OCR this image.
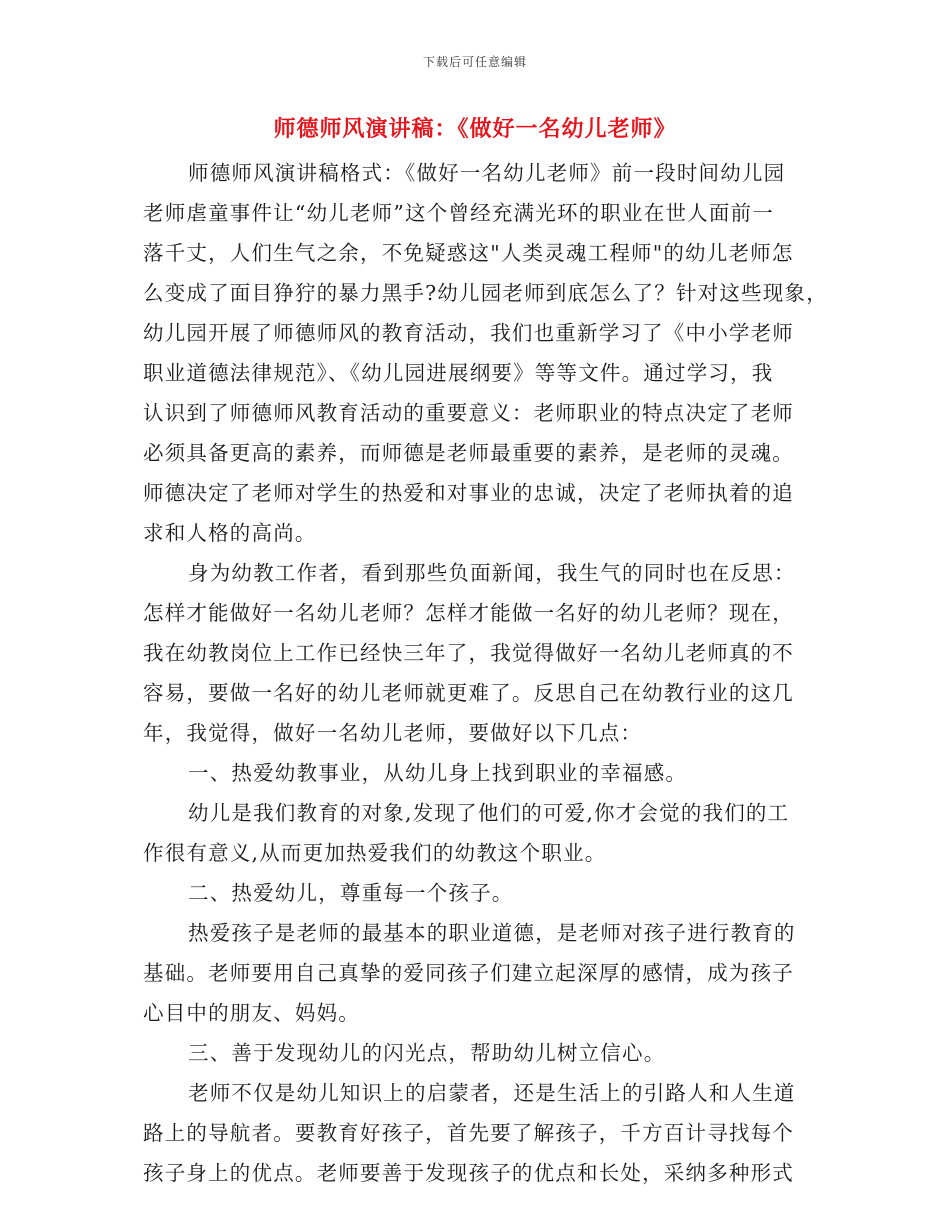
下载后可任意编辑
师德师风演讲稿：《做好一名幼儿老师》
师德师风演讲稿格式：《做好一名幼儿老师》前一段时间幼儿园
老师虐童事件让“幼儿老师”这个曾经充满光环的职业在世人面前一
落千丈，人们生气之余，不免疑惑这"人类灵魂工程师"的幼儿老师怎
么变成了面目狰狞的暴力黑手?幼儿园老师到底怎么了？针对这些现象，
幼儿园开展了师德师风的教育活动，我们也重新学习了《中小学老师
职业道德法律规范》、《幼儿园进展纲要》等等文件。通过学习，我
认识到了师德师风教育活动的重要意义：老师职业的特点决定了老师
必须具备更高的素养，而师德是老师最重要的素养，是老师的灵魂。
师德决定了老师对学生的热爱和对事业的忠诚，决定了老师执着的追
求和人格的高尚。
身为幼教工作者，看到那些负面新闻，我生气的同时也在反思：
怎样才能做好一名幼儿老师？怎样才能做一名好的幼儿老师？现在，
我在幼教岗位上工作已经快三年了，我觉得做好一名幼儿老师真的不
容易，要做一名好的幼儿老师就更难了。反思自己在幼教行业的这几
年，我觉得，做好一名幼儿老师，要做好以下几点：
一、热爱幼教事业，从幼儿身上找到职业的幸福感。
幼儿是我们教育的对象,发现了他们的可爱,你才会觉的我们的工
作很有意义,从而更加热爱我们的幼教这个职业。
二、热爱幼儿，尊重每一个孩子。
热爱孩子是老师的最基本的职业道德，是老师对孩子进行教育的
基础。老师要用自己真挚的爱同孩子们建立起深厚的感情，成为孩子
心目中的朋友、妈妈。
三、善于发现幼儿的闪光点，帮助幼儿树立信心。
老师不仅是幼儿知识上的启蒙者，还是生活上的引路人和人生道
路上的导航者。要教育好孩子，首先要了解孩子，千方百计寻找每个
孩子身上的优点。老师要善于发现孩子的优点和长处，采纳多种形式
